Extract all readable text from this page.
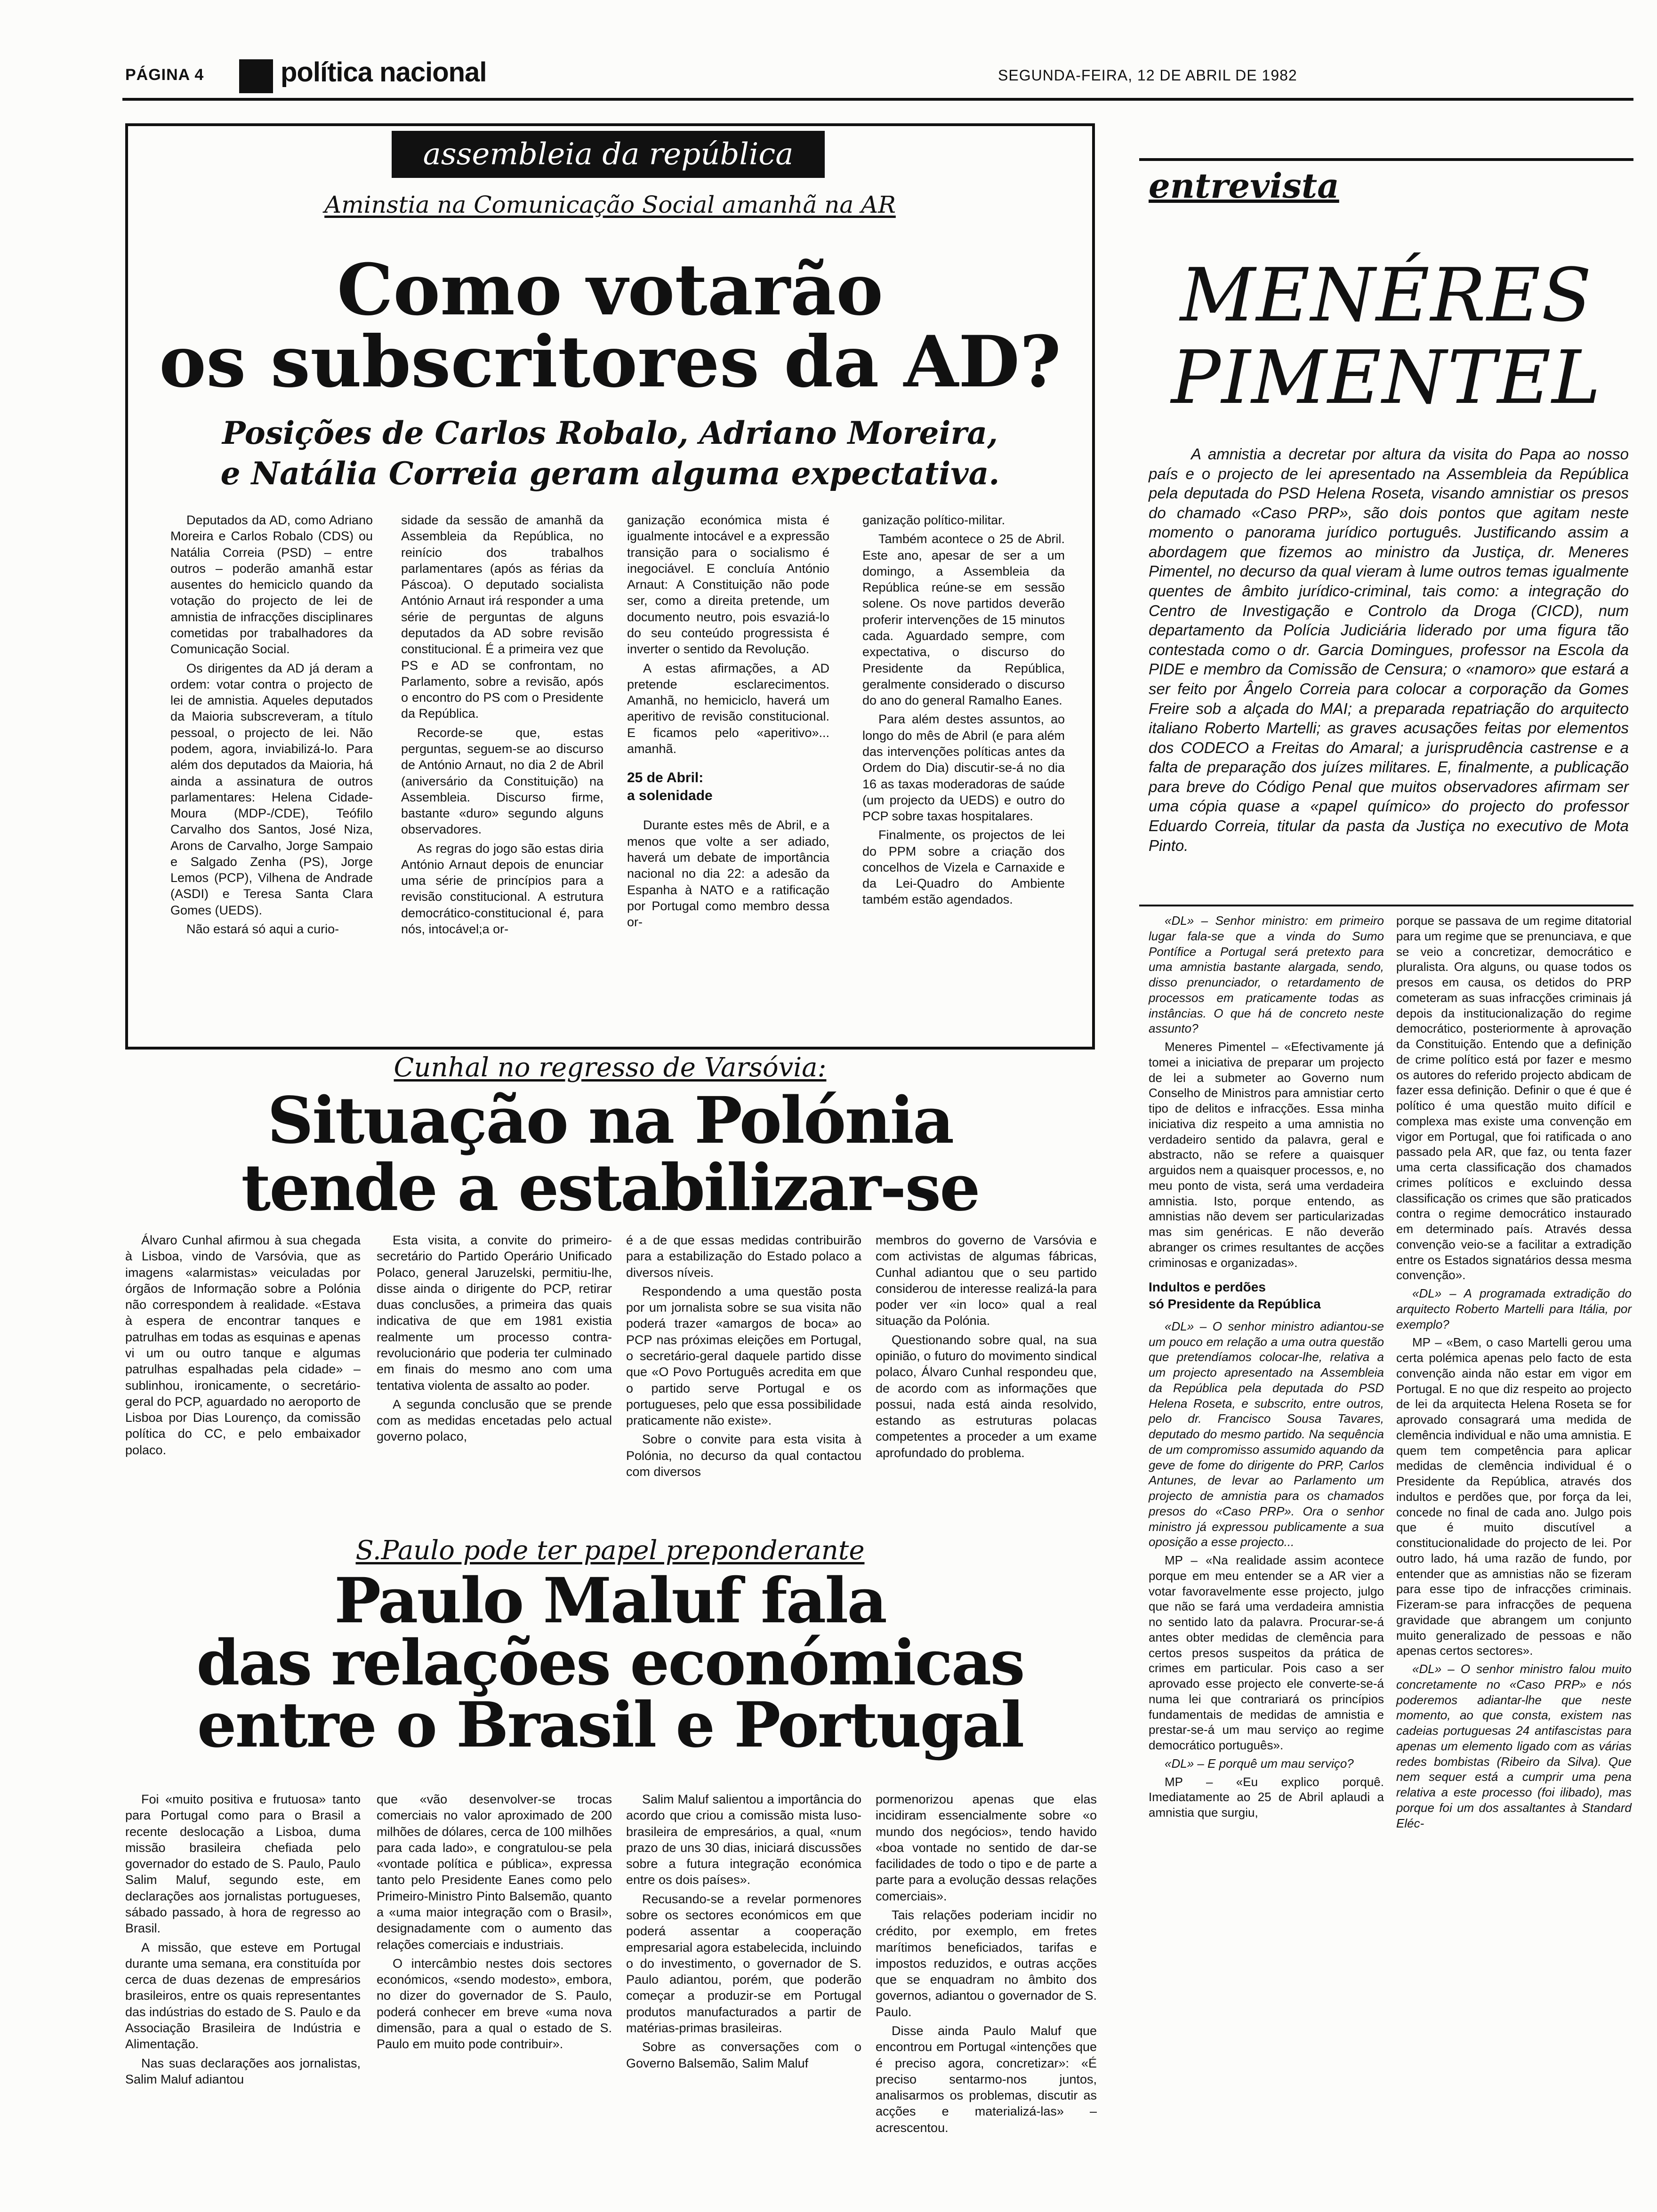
PÁGINA 4	política nacional	SEGUNDA-FEIRA, 12 DE ABRIL DE 1982
assembleia da república
Aminstia na Comunicação Social amanhã na AR
Como votarão
os subscritores da AD?
Posições de Carlos Robalo, Adriano Moreira,
e Natália Correia geram alguma expectativa.

Deputados da AD, como Adriano Moreira e Carlos Robalo (CDS) ou Natália Correia (PSD) – entre outros – poderão amanhã estar ausentes do hemiciclo quando da votação do projecto de lei de amnistia de infracções disciplinares cometidas por trabalhadores da Comunicação Social.

Os dirigentes da AD já deram a ordem: votar contra o projecto de lei de amnistia. Aqueles deputados da Maioria subscreveram, a título pessoal, o projecto de lei. Não podem, agora, inviabilizá-lo. Para além dos deputados da Maioria, há ainda a assinatura de outros parlamentares: Helena Cidade-Moura (MDP-/CDE), Teófilo Carvalho dos Santos, José Niza, Arons de Carvalho, Jorge Sampaio e Salgado Zenha (PS), Jorge Lemos (PCP), Vilhena de Andrade (ASDI) e Teresa Santa Clara Gomes (UEDS).

Não estará só aqui a curio-

sidade da sessão de amanhã da Assembleia da República, no reinício dos trabalhos parlamentares (após as férias da Páscoa). O deputado socialista António Arnaut irá responder a uma série de perguntas de alguns deputados da AD sobre revisão constitucional. É a primeira vez que PS e AD se confrontam, no Parlamento, sobre a revisão, após o encontro do PS com o Presidente da República.

Recorde-se que, estas perguntas, seguem-se ao discurso de António Arnaut, no dia 2 de Abril (aniversário da Constituição) na Assembleia. Discurso firme, bastante «duro» segundo alguns observadores.

As regras do jogo são estas diria António Arnaut depois de enunciar uma série de princípios para a revisão constitucional. A estrutura democrático-constitucional é, para nós, intocável;a or-

ganização económica mista é igualmente intocável e a expressão transição para o socialismo é inegociável. E concluía António Arnaut: A Constituição não pode ser, como a direita pretende, um documento neutro, pois esvaziá-lo do seu conteúdo progressista é inverter o sentido da Revolução.

A estas afirmações, a AD pretende esclarecimentos. Amanhã, no hemiciclo, haverá um aperitivo de revisão constitucional. E ficamos pelo «aperitivo»... amanhã.

25 de Abril:
a solenidade

Durante estes mês de Abril, e a menos que volte a ser adiado, haverá um debate de importância nacional no dia 22: a adesão da Espanha à NATO e a ratificação por Portugal como membro dessa or-

ganização político-militar.

Também acontece o 25 de Abril. Este ano, apesar de ser a um domingo, a Assembleia da República reúne-se em sessão solene. Os nove partidos deverão proferir intervenções de 15 minutos cada. Aguardado sempre, com expectativa, o discurso do Presidente da República, geralmente considerado o discurso do ano do general Ramalho Eanes.

Para além destes assuntos, ao longo do mês de Abril (e para além das intervenções políticas antes da Ordem do Dia) discutir-se-á no dia 16 as taxas moderadoras de saúde (um projecto da UEDS) e outro do PCP sobre taxas hospitalares.

Finalmente, os projectos de lei do PPM sobre a criação dos concelhos de Vizela e Carnaxide e da Lei-Quadro do Ambiente também estão agendados.

Cunhal no regresso de Varsóvia:
Situação na Polónia
tende a estabilizar-se

Álvaro Cunhal afirmou à sua chegada à Lisboa, vindo de Varsóvia, que as imagens «alarmistas» veiculadas por órgãos de Informação sobre a Polónia não correspondem à realidade. «Estava à espera de encontrar tanques e patrulhas em todas as esquinas e apenas vi um ou outro tanque e algumas patrulhas espalhadas pela cidade» – sublinhou, ironicamente, o secretário-geral do PCP, aguardado no aeroporto de Lisboa por Dias Lourenço, da comissão política do CC, e pelo embaixador polaco.

Esta visita, a convite do primeiro-secretário do Partido Operário Unificado Polaco, general Jaruzelski, permitiu-lhe, disse ainda o dirigente do PCP, retirar duas conclusões, a primeira das quais indicativa de que em 1981 existia realmente um processo contra-revolucionário que poderia ter culminado em finais do mesmo ano com uma tentativa violenta de assalto ao poder.

A segunda conclusão que se prende com as medidas encetadas pelo actual governo polaco,

é a de que essas medidas contribuirão para a estabilização do Estado polaco a diversos níveis.

Respondendo a uma questão posta por um jornalista sobre se sua visita não poderá trazer «amargos de boca» ao PCP nas próximas eleições em Portugal, o secretário-geral daquele partido disse que «O Povo Português acredita em que o partido serve Portugal e os portugueses, pelo que essa possibilidade praticamente não existe».

Sobre o convite para esta visita à Polónia, no decurso da qual contactou com diversos

membros do governo de Varsóvia e com activistas de algumas fábricas, Cunhal adiantou que o seu partido considerou de interesse realizá-la para poder ver «in loco» qual a real situação da Polónia.

Questionando sobre qual, na sua opinião, o futuro do movimento sindical polaco, Álvaro Cunhal respondeu que, de acordo com as informações que possui, nada está ainda resolvido, estando as estruturas polacas competentes a proceder a um exame aprofundado do problema.

S.Paulo pode ter papel preponderante
Paulo Maluf fala
das relações económicas
entre o Brasil e Portugal

Foi «muito positiva e frutuosa» tanto para Portugal como para o Brasil a recente deslocação a Lisboa, duma missão brasileira chefiada pelo governador do estado de S. Paulo, Paulo Salim Maluf, segundo este, em declarações aos jornalistas portugueses, sábado passado, à hora de regresso ao Brasil.

A missão, que esteve em Portugal durante uma semana, era constituída por cerca de duas dezenas de empresários brasileiros, entre os quais representantes das indústrias do estado de S. Paulo e da Associação Brasileira de Indústria e Alimentação.

Nas suas declarações aos jornalistas, Salim Maluf adiantou

que «vão desenvolver-se trocas comerciais no valor aproximado de 200 milhões de dólares, cerca de 100 milhões para cada lado», e congratulou-se pela «vontade política e pública», expressa tanto pelo Presidente Eanes como pelo Primeiro-Ministro Pinto Balsemão, quanto a «uma maior integração com o Brasil», designadamente com o aumento das relações comerciais e industriais.

O intercâmbio nestes dois sectores económicos, «sendo modesto», embora, no dizer do governador de S. Paulo, poderá conhecer em breve «uma nova dimensão, para a qual o estado de S. Paulo em muito pode contribuir».

Salim Maluf salientou a importância do acordo que criou a comissão mista luso-brasileira de empresários, a qual, «num prazo de uns 30 dias, iniciará discussões sobre a futura integração económica entre os dois países».

Recusando-se a revelar pormenores sobre os sectores económicos em que poderá assentar a cooperação empresarial agora estabelecida, incluindo o do investimento, o governador de S. Paulo adiantou, porém, que poderão começar a produzir-se em Portugal produtos manufacturados a partir de matérias-primas brasileiras.

Sobre as conversações com o Governo Balsemão, Salim Maluf

pormenorizou apenas que elas incidiram essencialmente sobre «o mundo dos negócios», tendo havido «boa vontade no sentido de dar-se facilidades de todo o tipo e de parte a parte para a evolução dessas relações comerciais».

Tais relações poderiam incidir no crédito, por exemplo, em fretes marítimos beneficiados, tarifas e impostos reduzidos, e outras acções que se enquadram no âmbito dos governos, adiantou o governador de S. Paulo.

Disse ainda Paulo Maluf que encontrou em Portugal «intenções que é preciso agora, concretizar»: «É preciso sentarmo-nos juntos, analisarmos os problemas, discutir as acções e materializá-las» – acrescentou.

entrevista
MENÉRES
PIMENTEL
A amnistia a decretar por altura da visita do Papa ao nosso país e o projecto de lei apresentado na Assembleia da República pela deputada do PSD Helena Roseta, visando amnistiar os presos do chamado «Caso PRP», são dois pontos que agitam neste momento o panorama jurídico português. Justificando assim a abordagem que fizemos ao ministro da Justiça, dr. Meneres Pimentel, no decurso da qual vieram à lume outros temas igualmente quentes de âmbito jurídico-criminal, tais como: a integração do Centro de Investigação e Controlo da Droga (CICD), num departamento da Polícia Judiciária liderado por uma figura tão contestada como o dr. Garcia Domingues, professor na Escola da PIDE e membro da Comissão de Censura; o «namoro» que estará a ser feito por Ângelo Correia para colocar a corporação da Gomes Freire sob a alçada do MAI; a preparada repatriação do arquitecto italiano Roberto Martelli; as graves acusações feitas por elementos dos CODECO a Freitas do Amaral; a jurisprudência castrense e a falta de preparação dos juízes militares. E, finalmente, a publicação para breve do Código Penal que muitos observadores afirmam ser uma cópia quase a «papel químico» do projecto do professor Eduardo Correia, titular da pasta da Justiça no executivo de Mota Pinto.

«DL» – Senhor ministro: em primeiro lugar fala-se que a vinda do Sumo Pontífice a Portugal será pretexto para uma amnistia bastante alargada, sendo, disso prenunciador, o retardamento de processos em praticamente todas as instâncias. O que há de concreto neste assunto?

Meneres Pimentel – «Efectivamente já tomei a iniciativa de preparar um projecto de lei a submeter ao Governo num Conselho de Ministros para amnistiar certo tipo de delitos e infracções. Essa minha iniciativa diz respeito a uma amnistia no verdadeiro sentido da palavra, geral e abstracto, não se refere a quaisquer arguidos nem a quaisquer processos, e, no meu ponto de vista, será uma verdadeira amnistia. Isto, porque entendo, as amnistias não devem ser particularizadas mas sim genéricas. E não deverão abranger os crimes resultantes de acções criminosas e organizadas».

Indultos e perdões
só Presidente da República

«DL» – O senhor ministro adiantou-se um pouco em relação a uma outra questão que pretendíamos colocar-lhe, relativa a um projecto apresentado na Assembleia da República pela deputada do PSD Helena Roseta, e subscrito, entre outros, pelo dr. Francisco Sousa Tavares, deputado do mesmo partido. Na sequência de um compromisso assumido aquando da geve de fome do dirigente do PRP, Carlos Antunes, de levar ao Parlamento um projecto de amnistia para os chamados presos do «Caso PRP». Ora o senhor ministro já expressou publicamente a sua oposição a esse projecto...

MP – «Na realidade assim acontece porque em meu entender se a AR vier a votar favoravelmente esse projecto, julgo que não se fará uma verdadeira amnistia no sentido lato da palavra. Procurar-se-á antes obter medidas de clemência para certos presos suspeitos da prática de crimes em particular. Pois caso a ser aprovado esse projecto ele converte-se-á numa lei que contrariará os princípios fundamentais de medidas de amnistia e prestar-se-á um mau serviço ao regime democrático português».

«DL» – E porquê um mau serviço?

MP – «Eu explico porquê. Imediatamente ao 25 de Abril aplaudi a amnistia que surgiu,

porque se passava de um regime ditatorial para um regime que se prenunciava, e que se veio a concretizar, democrático e pluralista. Ora alguns, ou quase todos os presos em causa, os detidos do PRP cometeram as suas infracções criminais já depois da institucionalização do regime democrático, posteriormente à aprovação da Constituição. Entendo que a definição de crime político está por fazer e mesmo os autores do referido projecto abdicam de fazer essa definição. Definir o que é que é político é uma questão muito difícil e complexa mas existe uma convenção em vigor em Portugal, que foi ratificada o ano passado pela AR, que faz, ou tenta fazer uma certa classificação dos chamados crimes políticos e excluindo dessa classificação os crimes que são praticados contra o regime democrático instaurado em determinado país. Através dessa convenção veio-se a facilitar a extradição entre os Estados signatários dessa mesma convenção».

«DL» – A programada extradição do arquitecto Roberto Martelli para Itália, por exemplo?

MP – «Bem, o caso Martelli gerou uma certa polémica apenas pelo facto de esta convenção ainda não estar em vigor em Portugal. E no que diz respeito ao projecto de lei da arquitecta Helena Roseta se for aprovado consagrará uma medida de clemência individual e não uma amnistia. E quem tem competência para aplicar medidas de clemência individual é o Presidente da República, através dos indultos e perdões que, por força da lei, concede no final de cada ano. Julgo pois que é muito discutível a constitucionalidade do projecto de lei. Por outro lado, há uma razão de fundo, por entender que as amnistias não se fizeram para esse tipo de infracções criminais. Fizeram-se para infracções de pequena gravidade que abrangem um conjunto muito generalizado de pessoas e não apenas certos sectores».

«DL» – O senhor ministro falou muito concretamente no «Caso PRP» e nós poderemos adiantar-lhe que neste momento, ao que consta, existem nas cadeias portuguesas 24 antifascistas para apenas um elemento ligado com as várias redes bombistas (Ribeiro da Silva). Que nem sequer está a cumprir uma pena relativa a este processo (foi ilibado), mas porque foi um dos assaltantes à Standard Eléc-
